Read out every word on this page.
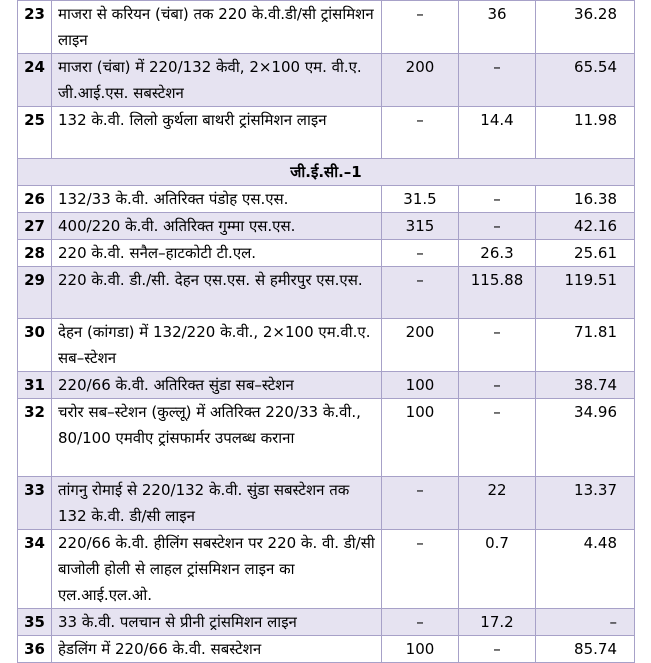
23	माजरा से करियन (चंबा) तक 220 के.वी.डी/सी ट्रांसमिशन लाइन	–	36	36.28
24	माजरा (चंबा) में 220/132 केवी, 2×100 एम. वी.ए. जी.आई.एस. सबस्टेशन	200	–	65.54
25	132 के.वी. लिलो कुर्थला बाथरी ट्रांसमिशन लाइन	–	14.4	11.98
जी.ई.सी.–1				
26	132/33 के.वी. अतिरिक्त पंडोह एस.एस.	31.5	–	16.38
27	400/220 के.वी. अतिरिक्त गुम्मा एस.एस.	315	–	42.16
28	220 के.वी. सनैल–हाटकोटी टी.एल.	–	26.3	25.61
29	220 के.वी. डी./सी. देहन एस.एस. से हमीरपुर एस.एस.	–	115.88	119.51
30	देहन (कांगडा) में 132/220 के.वी., 2×100 एम.वी.ए. सब–स्टेशन	200	–	71.81
31	220/66 के.वी. अतिरिक्त सुंडा सब–स्टेशन	100	–	38.74
32	चरोर सब–स्टेशन (कुल्लू) में अतिरिक्त 220/33 के.वी., 80/100 एमवीए ट्रांसफार्मर उपलब्ध कराना	100	–	34.96
33	तांगनु रोमाई से 220/132 के.वी. सुंडा सबस्टेशन तक 132 के.वी. डी/सी लाइन	–	22	13.37
34	220/66 के.वी. हीलिंग सबस्टेशन पर 220 के. वी. डी/सी बाजोली होली से लाहल ट्रांसमिशन लाइन का एल.आई.एल.ओ.	–	0.7	4.48
35	33 के.वी. पलचान से प्रीनी ट्रांसमिशन लाइन	–	17.2	–
36	हेडलिंग में 220/66 के.वी. सबस्टेशन	100	–	85.74
